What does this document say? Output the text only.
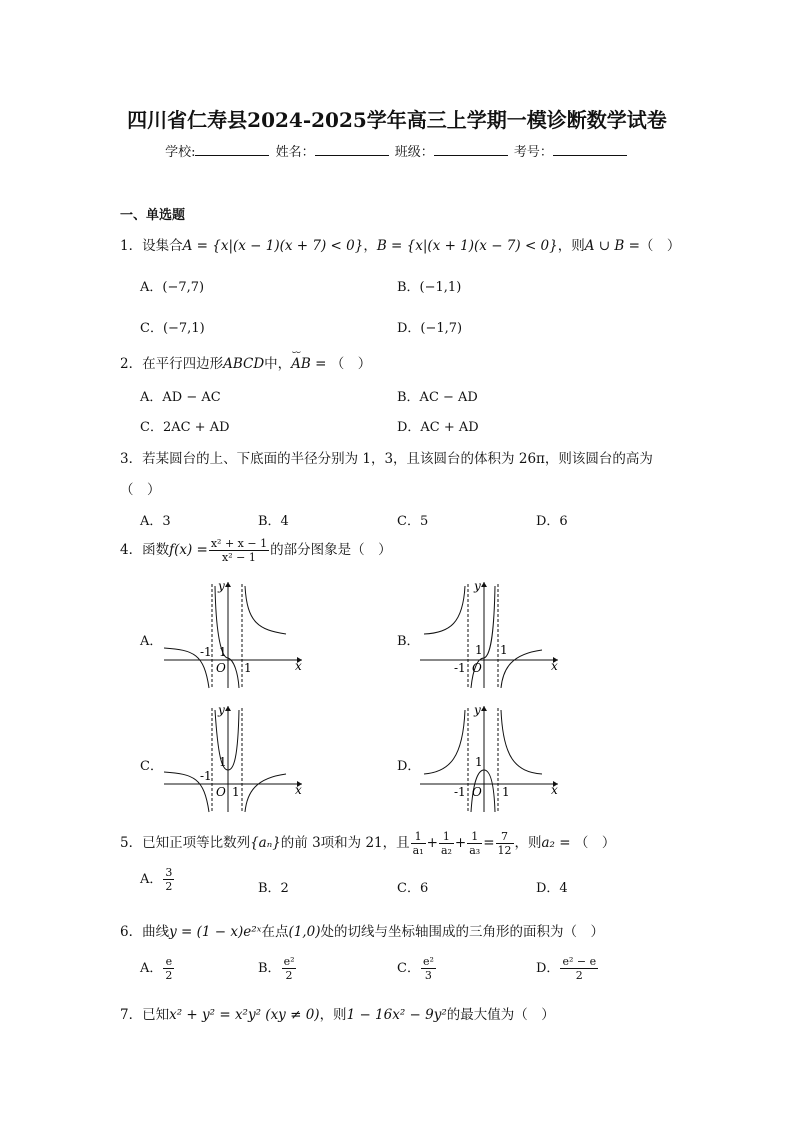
四川省仁寿县2024-2025学年高三上学期一模诊断数学试卷
学校:	姓名：	班级：	考号：
一、单选题
1．设集合A = {x|(x − 1)(x + 7) < 0}，B = {x|(x + 1)(x − 7) < 0}，则A ∪ B =（　）
A．(−7,7)	B．(−1,1)
C．(−7,1)	D．(−1,7)
2．在平行四边形ABCD中，⌣⌣ AB = （　）
A．AD − AC	B．AC − AD
C．2AC + AD	D．AC + AD
3．若某圆台的上、下底面的半径分别为 1，3，且该圆台的体积为 26π，则该圆台的高为
（　）
A．3	B．4	C．5	D．6
4．函数$f(x) = \frac{\text{x² + x − 1}}{\text{x² − 1}}$ 的部分图象是（　）
A．	B．
C．	D．
x
y
-1 1
O 1	x
y
-1
1
O
1
x
y
-1
1
O 1	x
y
-1
1
O 1
5．已知正项等比数列{aₙ}的前 3项和为 21，且 $\frac{1}{\text{a₁}} + \frac{1}{\text{a₂}} + \frac{1}{\text{a₃}} = \frac{7}{12}$ ，则a₂ = （　）
A． $\frac{3}{2}$	B．2	C．6	D．4
6．曲线y = (1 − x)e²ˣ在点(1,0)处的切线与坐标轴围成的三角形的面积为（　）
A． $\frac{e}{2}$	B． $\frac{\text{e²}}{2}$	C． $\frac{\text{e²}}{3}$	D． $\frac{\text{e² − e}}{2}$
7．已知x² + y² = x²y² (xy ≠ 0)，则1 − 16x² − 9y²的最大值为（　）
